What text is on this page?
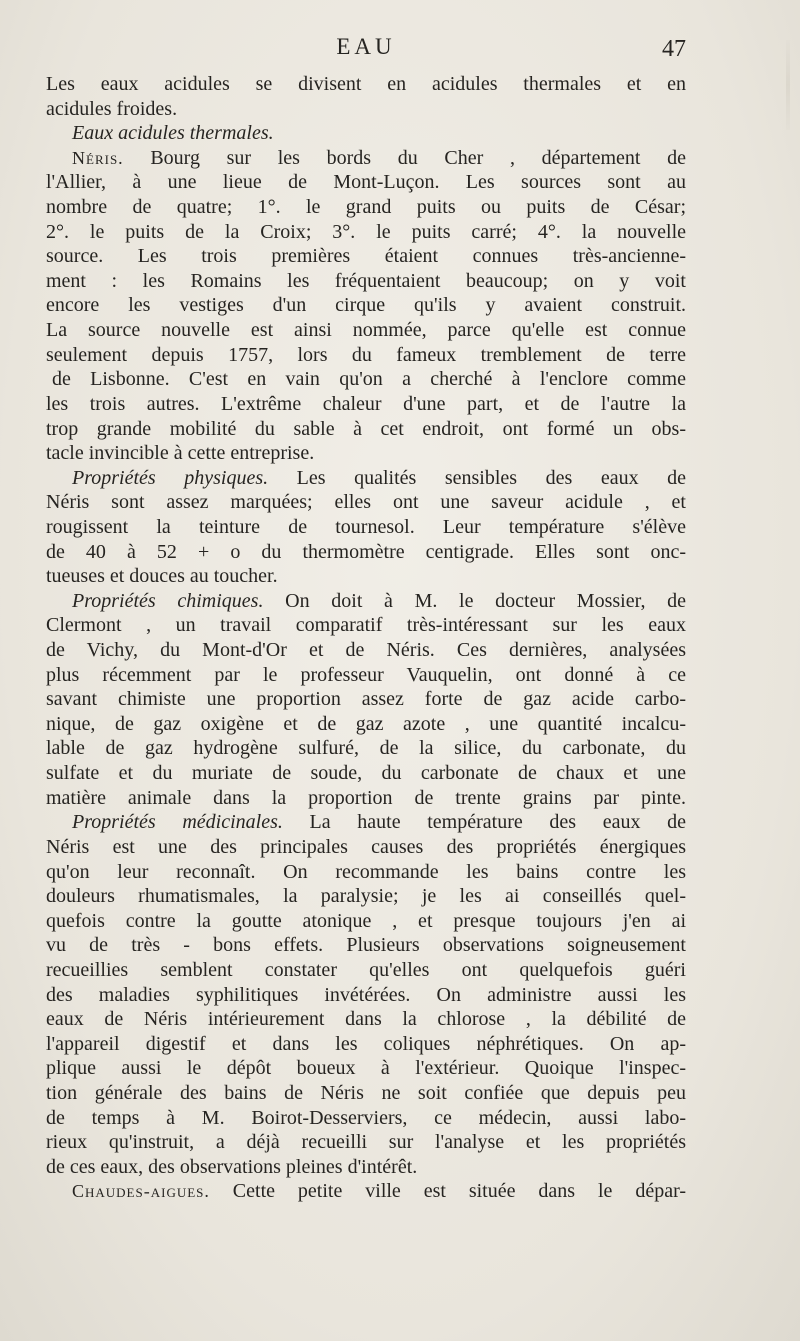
EAU	47
Les eaux acidules se divisent en acidules thermales et en
acidules froides.
Eaux acidules thermales.
Néris. Bourg sur les bords du Cher , département de
l'Allier, à une lieue de Mont-Luçon. Les sources sont au
nombre de quatre; 1°. le grand puits ou puits de César;
2°. le puits de la Croix; 3°. le puits carré; 4°. la nouvelle
source. Les trois premières étaient connues très-ancienne-
ment : les Romains les fréquentaient beaucoup; on y voit
encore les vestiges d'un cirque qu'ils y avaient construit.
La source nouvelle est ainsi nommée, parce qu'elle est connue
seulement depuis 1757, lors du fameux tremblement de terre
de Lisbonne. C'est en vain qu'on a cherché à l'enclore comme
les trois autres. L'extrême chaleur d'une part, et de l'autre la
trop grande mobilité du sable à cet endroit, ont formé un obs-
tacle invincible à cette entreprise.
Propriétés physiques. Les qualités sensibles des eaux de
Néris sont assez marquées; elles ont une saveur acidule , et
rougissent la teinture de tournesol. Leur température s'élève
de 40 à 52 + o du thermomètre centigrade. Elles sont onc-
tueuses et douces au toucher.
Propriétés chimiques. On doit à M. le docteur Mossier, de
Clermont , un travail comparatif très-intéressant sur les eaux
de Vichy, du Mont-d'Or et de Néris. Ces dernières, analysées
plus récemment par le professeur Vauquelin, ont donné à ce
savant chimiste une proportion assez forte de gaz acide carbo-
nique, de gaz oxigène et de gaz azote , une quantité incalcu-
lable de gaz hydrogène sulfuré, de la silice, du carbonate, du
sulfate et du muriate de soude, du carbonate de chaux et une
matière animale dans la proportion de trente grains par pinte.
Propriétés médicinales. La haute température des eaux de
Néris est une des principales causes des propriétés énergiques
qu'on leur reconnaît. On recommande les bains contre les
douleurs rhumatismales, la paralysie; je les ai conseillés quel-
quefois contre la goutte atonique , et presque toujours j'en ai
vu de très - bons effets. Plusieurs observations soigneusement
recueillies semblent constater qu'elles ont quelquefois guéri
des maladies syphilitiques invétérées. On administre aussi les
eaux de Néris intérieurement dans la chlorose , la débilité de
l'appareil digestif et dans les coliques néphrétiques. On ap-
plique aussi le dépôt boueux à l'extérieur. Quoique l'inspec-
tion générale des bains de Néris ne soit confiée que depuis peu
de temps à M. Boirot-Desserviers, ce médecin, aussi labo-
rieux qu'instruit, a déjà recueilli sur l'analyse et les propriétés
de ces eaux, des observations pleines d'intérêt.
Chaudes-aigues. Cette petite ville est située dans le dépar-
